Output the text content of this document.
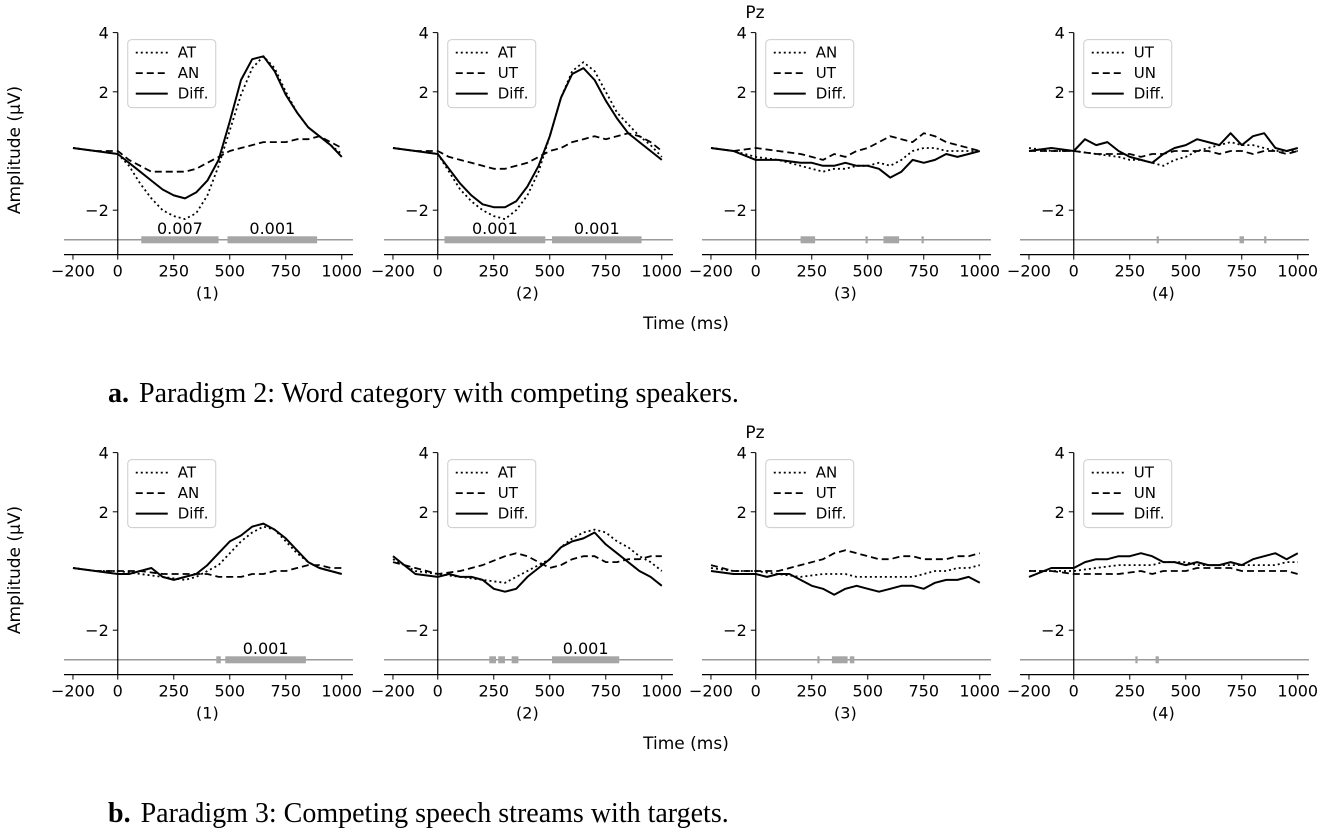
Pz
Time (ms)
Amplitude (μV)
a. Paradigm 2: Word category with competing speakers.
−200 0 250 500 750 1000
−2
2
4
(1)
0.007	0.001
AT
AN
Diff.
−200 0 250 500 750 1000
−2
2
4
(2)
0.001	0.001
AT
UT
Diff.
−200 0 250 500 750 1000
−2
2
4
(3)
AN
UT
Diff.
−200 0 250 500 750 1000
−2
2
4
(4)
UT
UN
Diff.
Pz
Time (ms)
Amplitude (μV)
b. Paradigm 3: Competing speech streams with targets.
−200 0 250 500 750 1000
−2
2
4
(1)
0.001
AT
AN
Diff.
−200 0 250 500 750 1000
−2
2
4
(2)
0.001
AT
UT
Diff.
−200 0 250 500 750 1000
−2
2
4
(3)
AN
UT
Diff.
−200 0 250 500 750 1000
−2
2
4
(4)
UT
UN
Diff.
